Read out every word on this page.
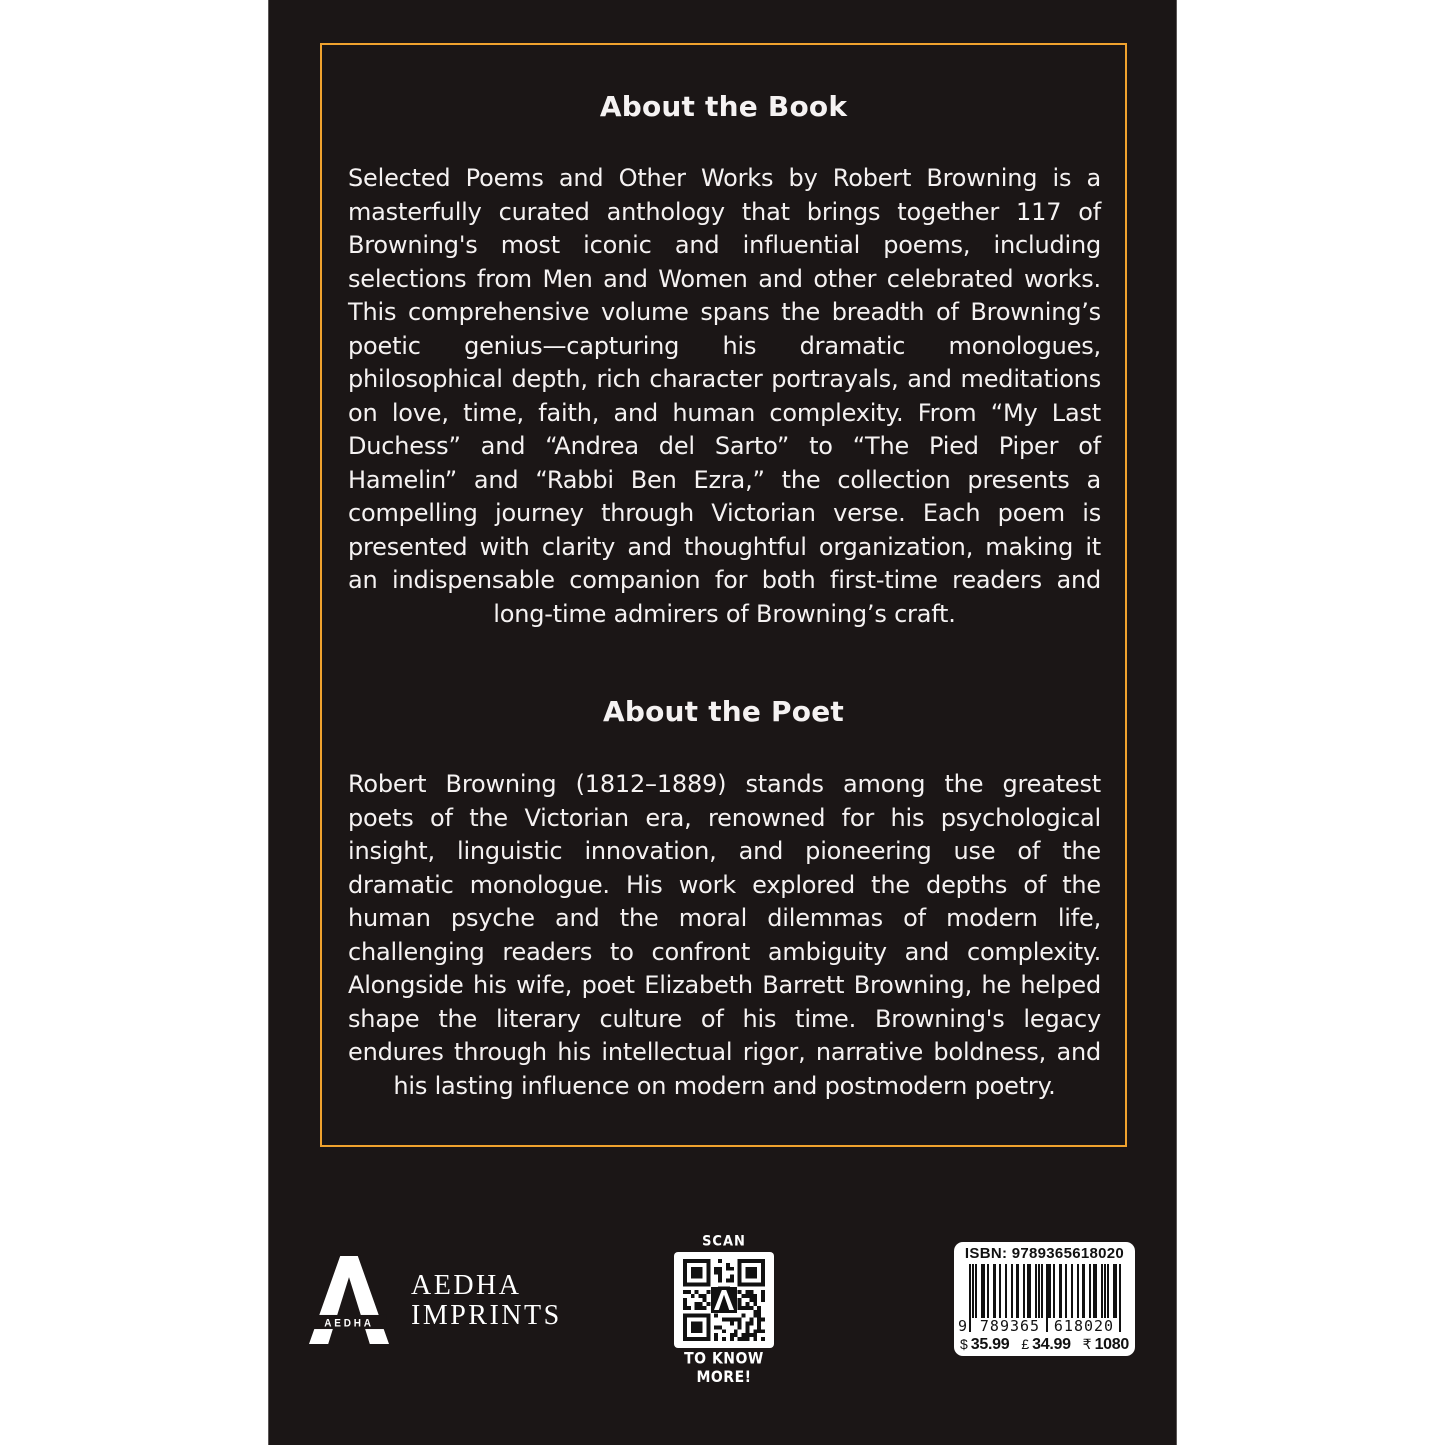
About the Book
Selected Poems and Other Works by Robert Browning is a masterfully curated anthology that brings together 117 of Browning's most iconic and influential poems, including selections from Men and Women and other celebrated works. This comprehensive volume spans the breadth of Browning’s poetic genius—capturing his dramatic monologues, philosophical depth, rich character portrayals, and meditations on love, time, faith, and human complexity. From “My Last Duchess” and “Andrea del Sarto” to “The Pied Piper of Hamelin” and “Rabbi Ben Ezra,” the collection presents a compelling journey through Victorian verse. Each poem is presented with clarity and thoughtful organization, making it an indispensable companion for both first-time readers and long-time admirers of Browning’s craft.
About the Poet
Robert Browning (1812–1889) stands among the greatest poets of the Victorian era, renowned for his psychological insight, linguistic innovation, and pioneering use of the dramatic monologue. His work explored the depths of the human psyche and the moral dilemmas of modern life, challenging readers to confront ambiguity and complexity. Alongside his wife, poet Elizabeth Barrett Browning, he helped shape the literary culture of his time. Browning's legacy endures through his intellectual rigor, narrative boldness, and his lasting influence on modern and postmodern poetry.
AEDHA
AEDHA
IMPRINTS
SCAN
TO KNOW MORE!
ISBN: 9789365618020
9 789365 618020
$ 35.99 £ 34.99 ₹ 1080
